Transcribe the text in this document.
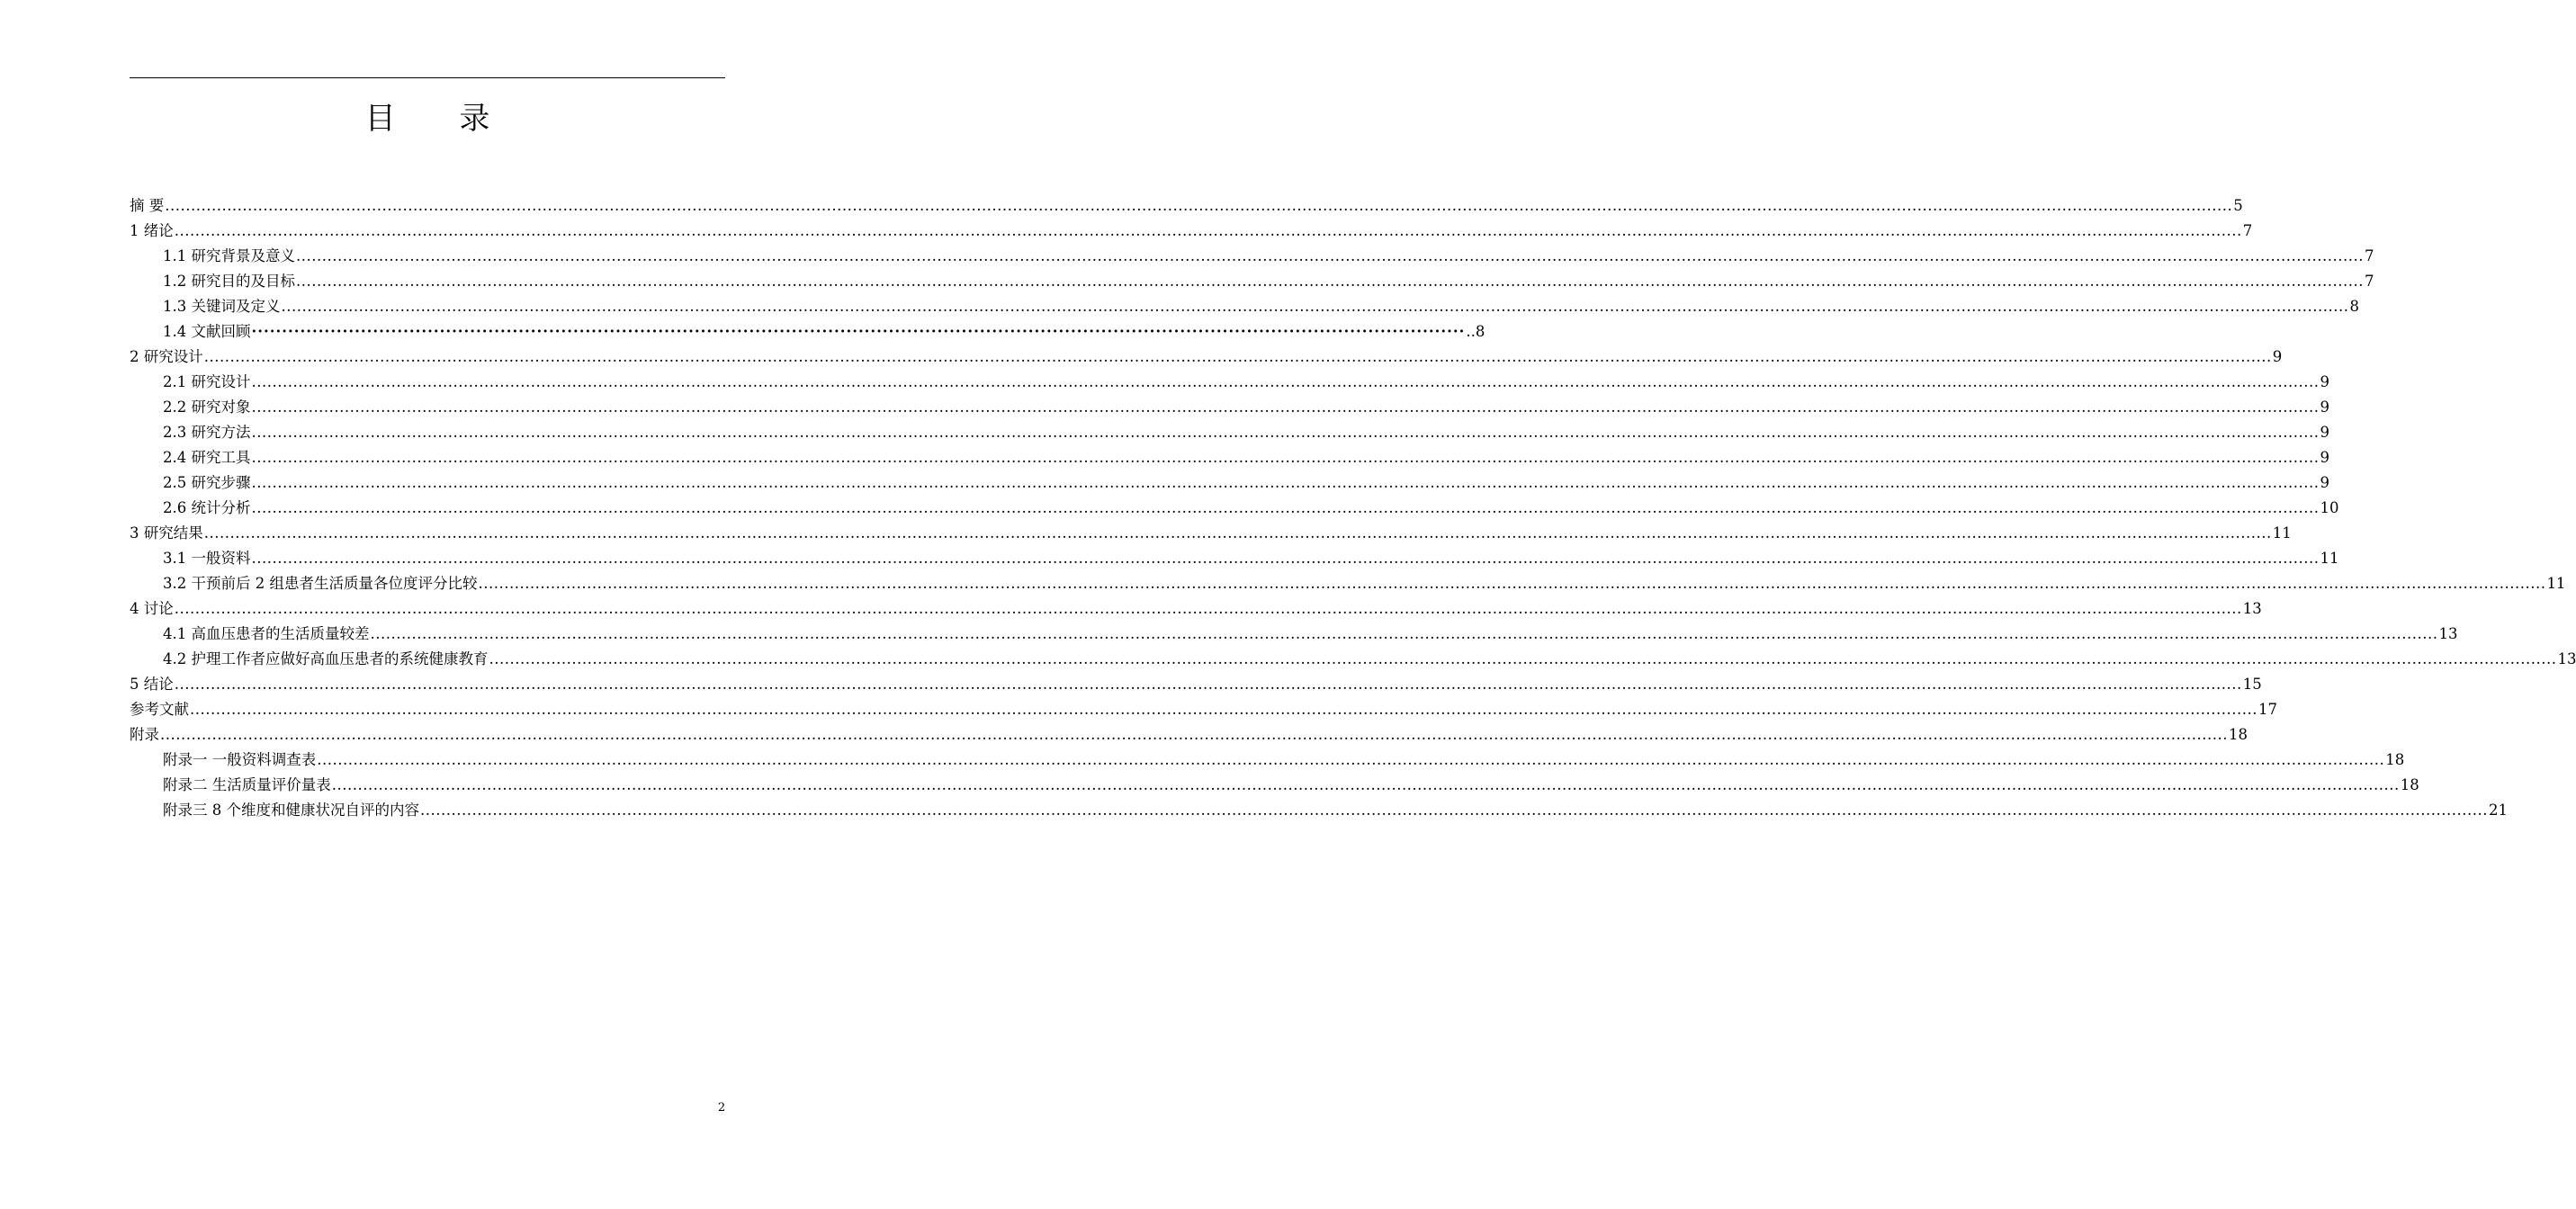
目 录
摘 要 ................................................................................................................................................................................................................................................................................................................................................................................................................ 5
1 绪论 ................................................................................................................................................................................................................................................................................................................................................................................................................ 7
1.1 研究背景及意义 ................................................................................................................................................................................................................................................................................................................................................................................................................ 7
1.2 研究目的及目标 ................................................................................................................................................................................................................................................................................................................................................................................................................ 7
1.3 关键词及定义 ................................................................................................................................................................................................................................................................................................................................................................................................................ 8
1.4 文献回顾 ········································································································································································································ ..8
2 研究设计 ................................................................................................................................................................................................................................................................................................................................................................................................................ 9
2.1 研究设计 ................................................................................................................................................................................................................................................................................................................................................................................................................ 9
2.2 研究对象 ................................................................................................................................................................................................................................................................................................................................................................................................................ 9
2.3 研究方法 ................................................................................................................................................................................................................................................................................................................................................................................................................ 9
2.4 研究工具 ................................................................................................................................................................................................................................................................................................................................................................................................................ 9
2.5 研究步骤 ................................................................................................................................................................................................................................................................................................................................................................................................................ 9
2.6 统计分析 ................................................................................................................................................................................................................................................................................................................................................................................................................ 10
3 研究结果 ................................................................................................................................................................................................................................................................................................................................................................................................................ 11
3.1 一般资料 ................................................................................................................................................................................................................................................................................................................................................................................................................ 11
3.2 干预前后 2 组患者生活质量各位度评分比较 ................................................................................................................................................................................................................................................................................................................................................................................................................ 11
4 讨论 ................................................................................................................................................................................................................................................................................................................................................................................................................ 13
4.1 高血压患者的生活质量较差 ................................................................................................................................................................................................................................................................................................................................................................................................................ 13
4.2 护理工作者应做好高血压患者的系统健康教育 ................................................................................................................................................................................................................................................................................................................................................................................................................ 13
5 结论 ................................................................................................................................................................................................................................................................................................................................................................................................................ 15
参考文献 ................................................................................................................................................................................................................................................................................................................................................................................................................ 17
附录 ................................................................................................................................................................................................................................................................................................................................................................................................................ 18
附录一 一般资料调查表 ................................................................................................................................................................................................................................................................................................................................................................................................................ 18
附录二 生活质量评价量表 ................................................................................................................................................................................................................................................................................................................................................................................................................ 18
附录三 8 个维度和健康状况自评的内容 ................................................................................................................................................................................................................................................................................................................................................................................................................ 21
2
